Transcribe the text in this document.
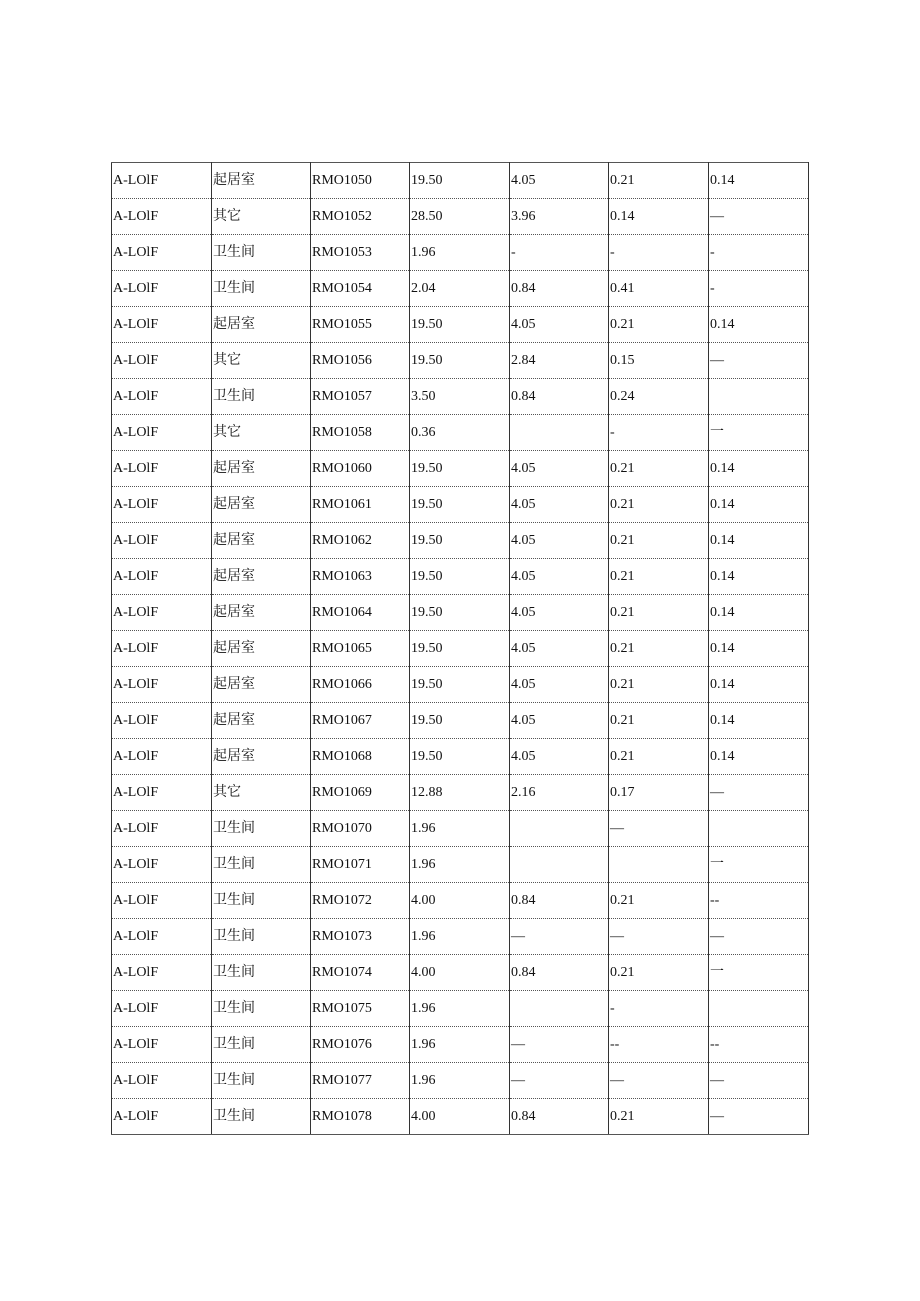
A-LOlF	起居室	RMO1050	19.50	4.05	0.21	0.14
A-LOlF	其它	RMO1052	28.50	3.96	0.14	—
A-LOlF	卫生间	RMO1053	1.96	-	-	-
A-LOlF	卫生间	RMO1054	2.04	0.84	0.41	-
A-LOlF	起居室	RMO1055	19.50	4.05	0.21	0.14
A-LOlF	其它	RMO1056	19.50	2.84	0.15	—
A-LOlF	卫生间	RMO1057	3.50	0.84	0.24	
A-LOlF	其它	RMO1058	0.36		-	一
A-LOlF	起居室	RMO1060	19.50	4.05	0.21	0.14
A-LOlF	起居室	RMO1061	19.50	4.05	0.21	0.14
A-LOlF	起居室	RMO1062	19.50	4.05	0.21	0.14
A-LOlF	起居室	RMO1063	19.50	4.05	0.21	0.14
A-LOlF	起居室	RMO1064	19.50	4.05	0.21	0.14
A-LOlF	起居室	RMO1065	19.50	4.05	0.21	0.14
A-LOlF	起居室	RMO1066	19.50	4.05	0.21	0.14
A-LOlF	起居室	RMO1067	19.50	4.05	0.21	0.14
A-LOlF	起居室	RMO1068	19.50	4.05	0.21	0.14
A-LOlF	其它	RMO1069	12.88	2.16	0.17	—
A-LOlF	卫生间	RMO1070	1.96		—	
A-LOlF	卫生间	RMO1071	1.96			一
A-LOlF	卫生间	RMO1072	4.00	0.84	0.21	--
A-LOlF	卫生间	RMO1073	1.96	—	—	—
A-LOlF	卫生间	RMO1074	4.00	0.84	0.21	一
A-LOlF	卫生间	RMO1075	1.96		-	
A-LOlF	卫生间	RMO1076	1.96	—	--	--
A-LOlF	卫生间	RMO1077	1.96	—	—	—
A-LOlF	卫生间	RMO1078	4.00	0.84	0.21	—
